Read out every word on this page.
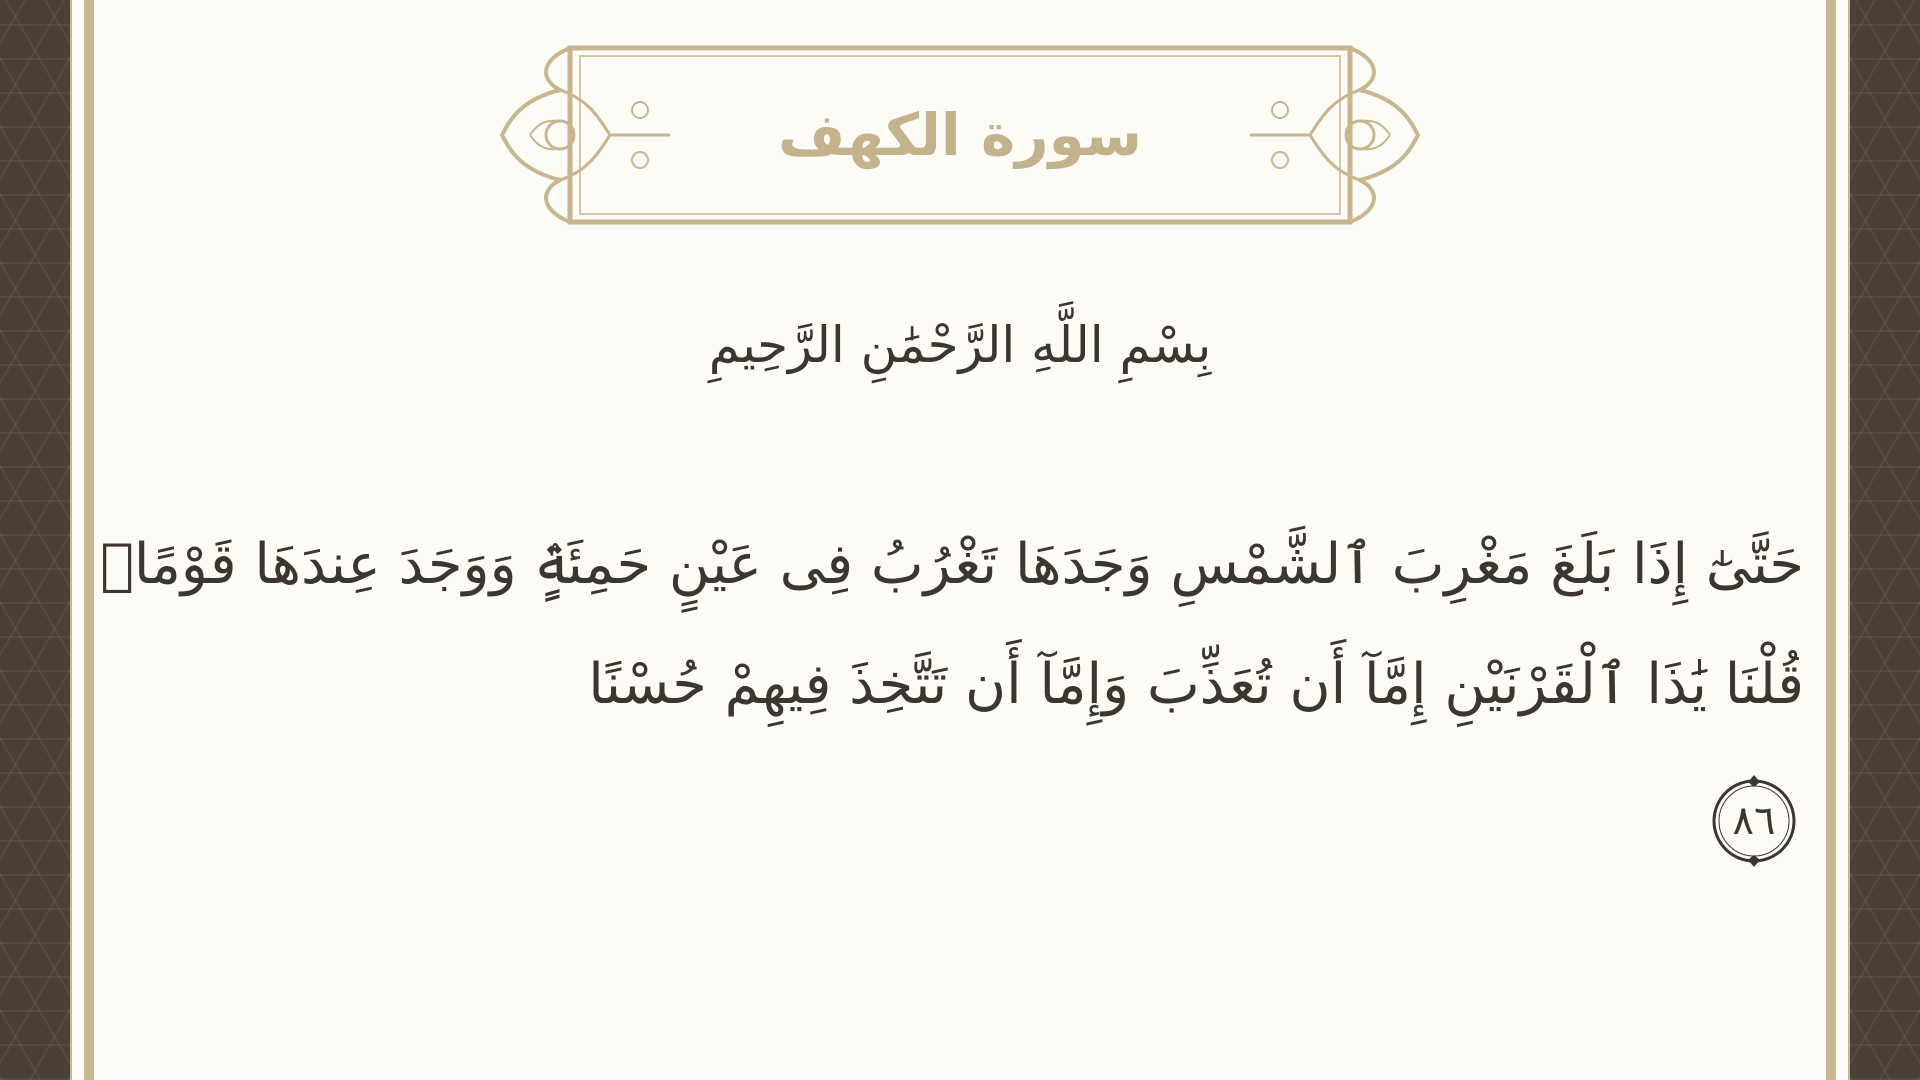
سورة الكهف
بِسْمِ اللَّهِ الرَّحْمَٰنِ الرَّحِيمِ
حَتَّىٰٓ إِذَا بَلَغَ مَغْرِبَ ٱلشَّمْسِ وَجَدَهَا تَغْرُبُ فِى عَيْنٍ حَمِئَةٍۢ وَوَجَدَ عِندَهَا قَوْمًاۗ قُلْنَا يَٰذَا ٱلْقَرْنَيْنِ إِمَّآ أَن تُعَذِّبَ وَإِمَّآ أَن تَتَّخِذَ فِيهِمْ حُسْنًا
٨٦
